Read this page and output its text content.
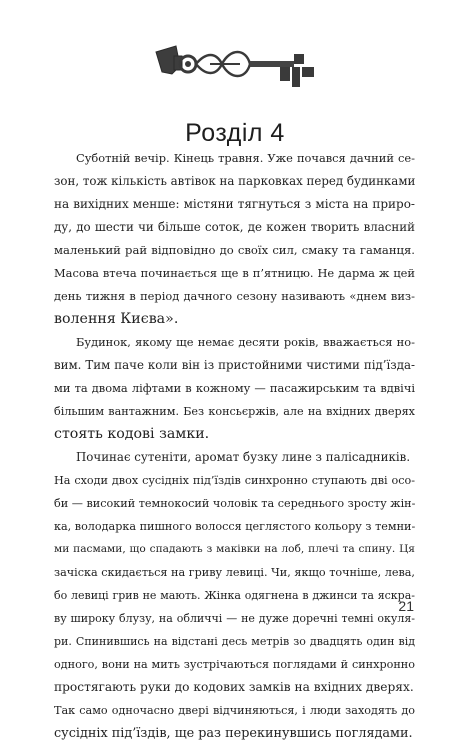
Розділ 4

Суботній вечір. Кінець травня. Уже почався дачний се-
зон, тож кількість автівок на парковках перед будинками
на вихідних менше: містяни тягнуться з міста на приро-
ду, до шести чи більше соток, де кожен творить власний
маленький рай відповідно до своїх сил, смаку та гаманця.
Масова втеча починається ще в п’ятницю. Не дарма ж цей
день тижня в період дачного сезону називають «днем виз-
волення Києва».

Будинок, якому ще немає десяти років, вважається но-
вим. Тим паче коли він із пристойними чистими під’їзда-
ми та двома ліфтами в кожному — пасажирським та вдвічі
більшим вантажним. Без консьєржів, але на вхідних дверях
стоять кодові замки.

Починає сутеніти, аромат бузку лине з палісадників.
На сходи двох сусідніх під’їздів синхронно ступають дві осо-
би — високий темнокосий чоловік та середнього зросту жін-
ка, володарка пишного волосся цеглястого кольору з темни-
ми пасмами, що спадають з маківки на лоб, плечі та спину. Ця
зачіска скидається на гриву левиці. Чи, якщо точніше, лева,
бо левиці грив не мають. Жінка одягнена в джинси та яскра-
ву широку блузу, на обличчі — не дуже доречні темні окуля-
ри. Спинившись на відстані десь метрів зо двадцять один від
одного, вони на мить зустрічаються поглядами й синхронно
простягають руки до кодових замків на вхідних дверях.
Так само одночасно двері відчиняються, і люди заходять до
сусідніх під’їздів, ще раз перекинувшись поглядами.

21
